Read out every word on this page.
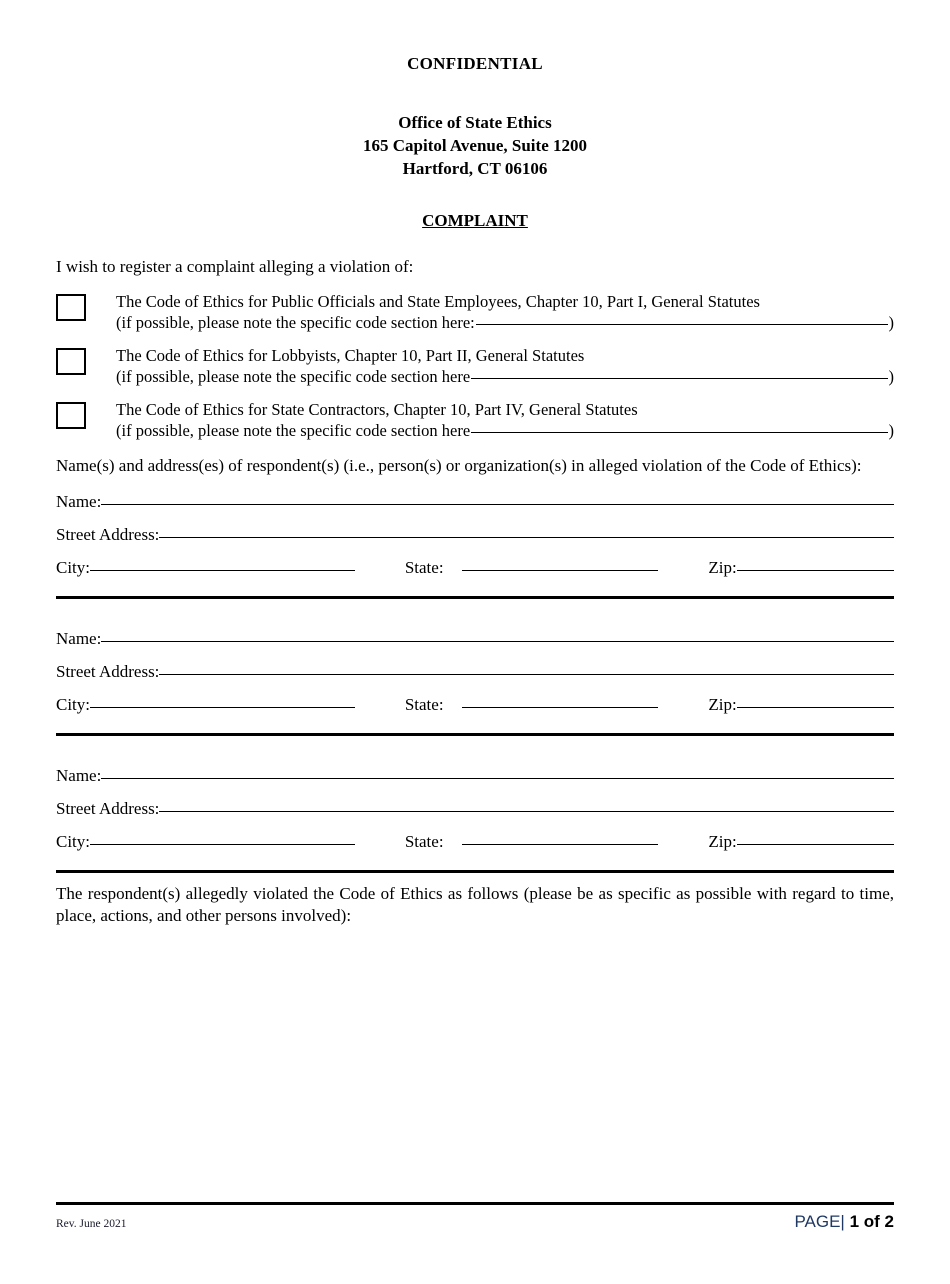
CONFIDENTIAL
Office of State Ethics
165 Capitol Avenue, Suite 1200
Hartford, CT 06106
COMPLAINT
I wish to register a complaint alleging a violation of:
The Code of Ethics for Public Officials and State Employees, Chapter 10, Part I, General Statutes
(if possible, please note the specific code section here:	)
The Code of Ethics for Lobbyists, Chapter 10, Part II, General Statutes
(if possible, please note the specific code section here	)
The Code of Ethics for State Contractors, Chapter 10, Part IV, General Statutes
(if possible, please note the specific code section here	)
Name(s) and address(es) of respondent(s) (i.e., person(s) or organization(s) in alleged violation of the Code of Ethics):
Name:
Street Address:
City:	State:	Zip:
Name:
Street Address:
City:	State:	Zip:
Name:
Street Address:
City:	State:	Zip:
The respondent(s) allegedly violated the Code of Ethics as follows (please be as specific as possible with regard to time, place, actions, and other persons involved):
Rev. June 2021	PAGE| 1 of 2
